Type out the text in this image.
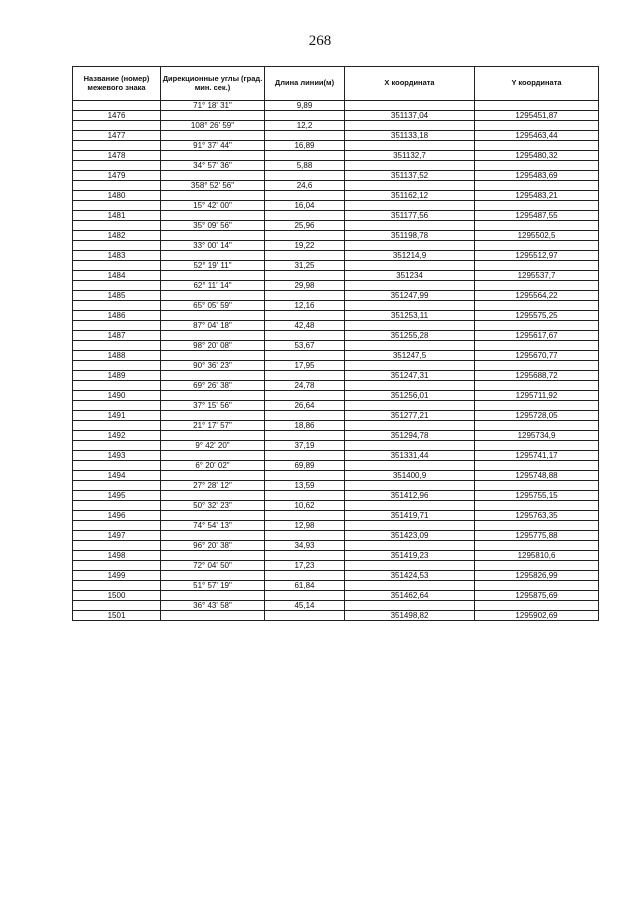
268
Название (номер) межевого знака	Дирекционные углы (град. мин. сек.)	Длина линии(м)	X координата	Y координата
	71° 18' 31"	9,89		
1476			351137,04	1295451,87
	108° 26' 59"	12,2		
1477			351133,18	1295463,44
	91° 37' 44"	16,89		
1478			351132,7	1295480,32
	34° 57' 36"	5,88		
1479			351137,52	1295483,69
	358° 52' 56"	24,6		
1480			351162,12	1295483,21
	15° 42' 00"	16,04		
1481			351177,56	1295487,55
	35° 09' 56"	25,96		
1482			351198,78	1295502,5
	33° 00' 14"	19,22		
1483			351214,9	1295512,97
	52° 19' 11"	31,25		
1484			351234	1295537,7
	62° 11' 14"	29,98		
1485			351247,99	1295564,22
	65° 05' 59"	12,16		
1486			351253,11	1295575,25
	87° 04' 18"	42,48		
1487			351255,28	1295617,67
	98° 20' 08"	53,67		
1488			351247,5	1295670,77
	90° 36' 23"	17,95		
1489			351247,31	1295688,72
	69° 26' 38"	24,78		
1490			351256,01	1295711,92
	37° 15' 56"	26,64		
1491			351277,21	1295728,05
	21° 17' 57"	18,86		
1492			351294,78	1295734,9
	9° 42' 20"	37,19		
1493			351331,44	1295741,17
	6° 20' 02"	69,89		
1494			351400,9	1295748,88
	27° 28' 12"	13,59		
1495			351412,96	1295755,15
	50° 32' 23"	10,62		
1496			351419,71	1295763,35
	74° 54' 13"	12,98		
1497			351423,09	1295775,88
	96° 20' 38"	34,93		
1498			351419,23	1295810,6
	72° 04' 50"	17,23		
1499			351424,53	1295826,99
	51° 57' 19"	61,84		
1500			351462,64	1295875,69
	36° 43' 58"	45,14		
1501			351498,82	1295902,69
